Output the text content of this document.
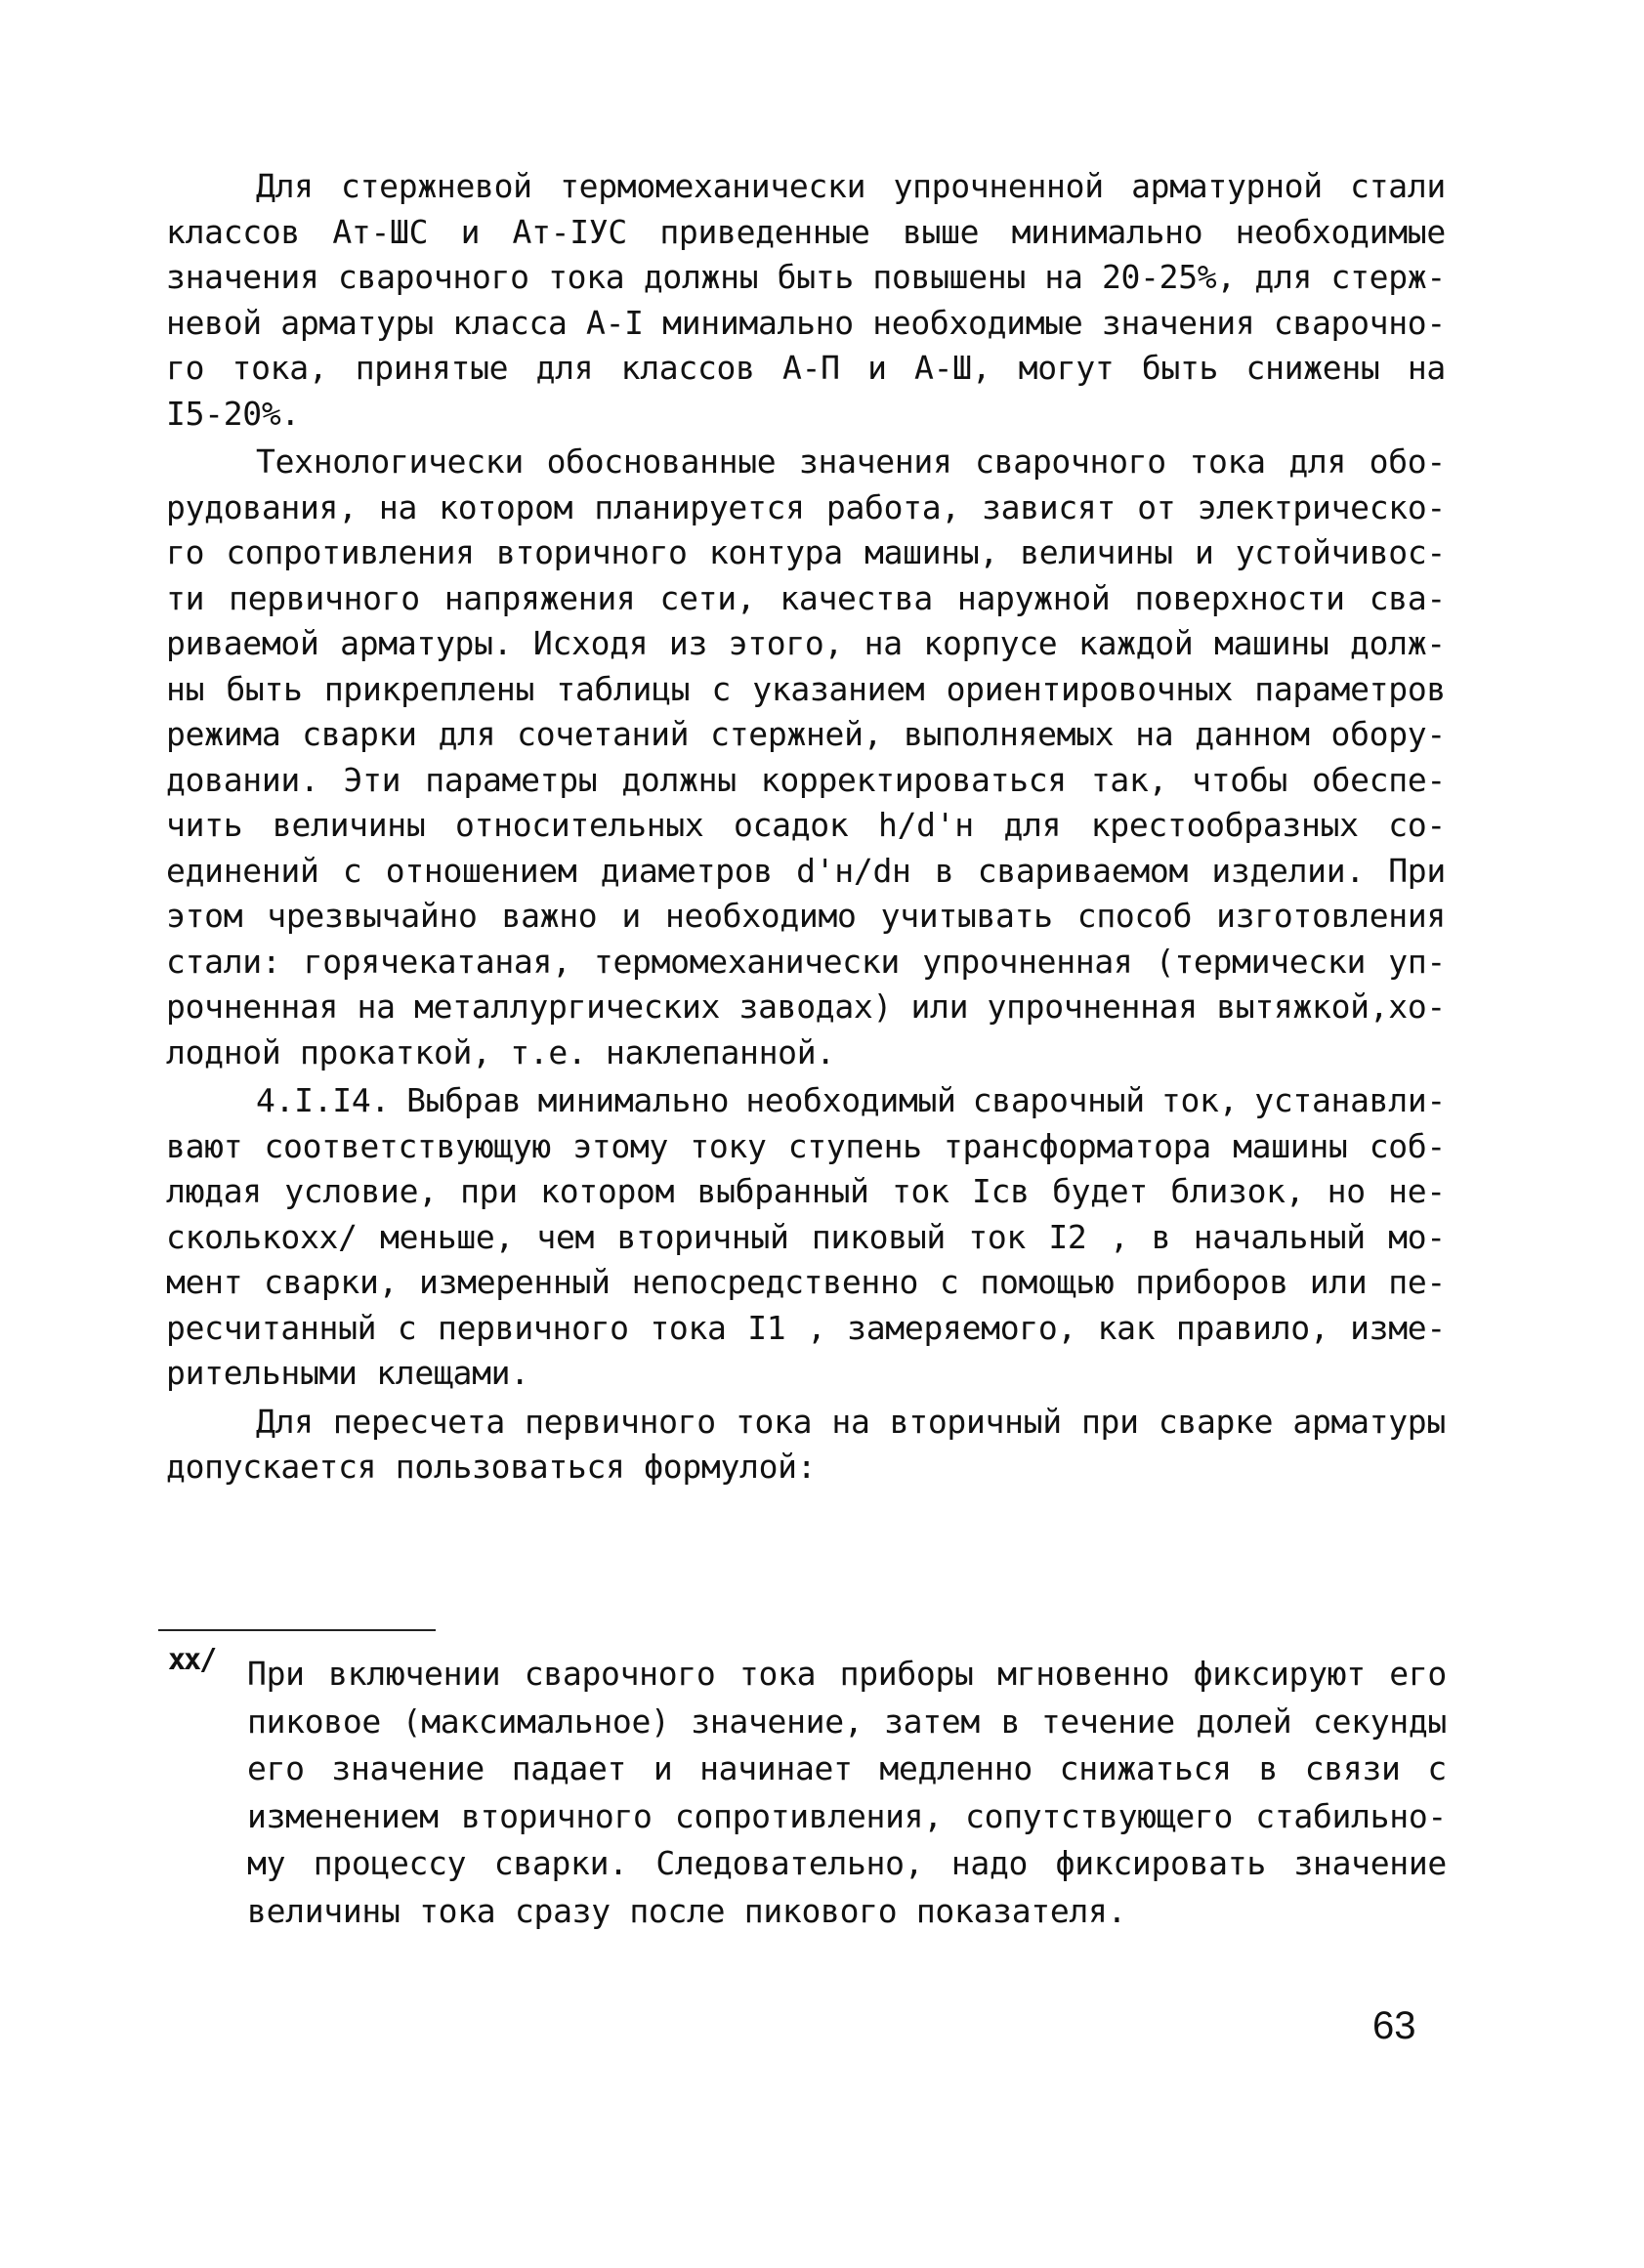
Для стержневой термомеханически упрочненной арматурной стали
классов Ат-ШС и Ат-IУС приведенные выше минимально необходимые
значения сварочного тока должны быть повышены на 20-25%, для стерж-
невой арматуры класса А-I минимально необходимые значения сварочно-
го тока, принятые для классов А-П и А-Ш, могут быть снижены на
I5-20%.
Технологически обоснованные значения сварочного тока для обо-
рудования, на котором планируется работа, зависят от электрическо-
го сопротивления вторичного контура машины, величины и устойчивос-
ти первичного напряжения сети, качества наружной поверхности сва-
риваемой арматуры. Исходя из этого, на корпусе каждой машины долж-
ны быть прикреплены таблицы с указанием ориентировочных параметров
режима сварки для сочетаний стержней, выполняемых на данном обору-
довании. Эти параметры должны корректироваться так, чтобы обеспе-
чить величины относительных осадок h/d'н для крестообразных со-
единений с отношением диаметров d'н/dн в свариваемом изделии. При
этом чрезвычайно важно и необходимо учитывать способ изготовления
стали: горячекатаная, термомеханически упрочненная (термически уп-
рочненная на металлургических заводах) или упрочненная вытяжкой,хо-
лодной прокаткой, т.е. наклепанной.
4.I.I4. Выбрав минимально необходимый сварочный ток, устанавли-
вают соответствующую этому току ступень трансформатора машины соб-
людая условие, при котором выбранный ток Iсв будет близок, но не-
сколькоxx/ меньше, чем вторичный пиковый ток I2 , в начальный мо-
мент сварки, измеренный непосредственно с помощью приборов или пе-
ресчитанный с первичного тока I1 , замеряемого, как правило, изме-
рительными клещами.
Для пересчета первичного тока на вторичный при сварке арматуры
допускается пользоваться формулой:
xx/ При включении сварочного тока приборы мгновенно фиксируют его
пиковое (максимальное) значение, затем в течение долей секунды
его значение падает и начинает медленно снижаться в связи с
изменением вторичного сопротивления, сопутствующего стабильно-
му процессу сварки. Следовательно, надо фиксировать значение
величины тока сразу после пикового показателя.
63
